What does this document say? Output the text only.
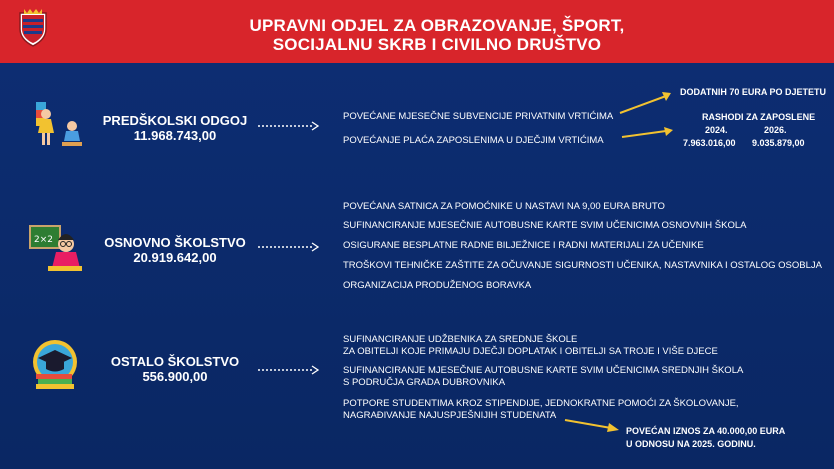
UPRAVNI ODJEL ZA OBRAZOVANJE, ŠPORT,
SOCIJALNU SKRB I CIVILNO DRUŠTVO
PREDŠKOLSKI ODGOJ
11.968.743,00
POVEĆANE MJESEČNE SUBVENCIJE PRIVATNIM VRTIĆIMA
POVEĆANJE PLAĆA ZAPOSLENIMA U DJEČJIM VRTIĆIMA
DODATNIH 70 EURA PO DJETETU
RASHODI ZA ZAPOSLENE
2024.	2026.
7.963.016,00 9.035.879,00
2×2	OSNOVNO ŠKOLSTVO
20.919.642,00
POVEĆANA SATNICA ZA POMOĆNIKE U NASTAVI NA 9,00 EURA BRUTO
SUFINANCIRANJE MJESEČNIE AUTOBUSNE KARTE SVIM UČENICIMA OSNOVNIH ŠKOLA
OSIGURANE BESPLATNE RADNE BILJEŽNICE I RADNI MATERIJALI ZA UČENIKE
TROŠKOVI TEHNIČKE ZAŠTITE ZA OČUVANJE SIGURNOSTI UČENIKA, NASTAVNIKA I OSTALOG OSOBLJA
ORGANIZACIJA PRODUŽENOG BORAVKA
OSTALO ŠKOLSTVO
556.900,00
SUFINANCIRANJE UDŽBENIKA ZA SREDNJE ŠKOLE
ZA OBITELJI KOJE PRIMAJU DJEČJI DOPLATAK I OBITELJI SA TROJE I VIŠE DJECE
SUFINANCIRANJE MJESEČNIE AUTOBUSNE KARTE SVIM UČENICIMA SREDNJIH ŠKOLA
S PODRUČJA GRADA DUBROVNIKA
POTPORE STUDENTIMA KROZ STIPENDIJE, JEDNOKRATNE POMOĆI ZA ŠKOLOVANJE,
NAGRAĐIVANJE NAJUSPJEŠNIJIH STUDENATA
POVEĆAN IZNOS ZA 40.000,00 EURA
U ODNOSU NA 2025. GODINU.
